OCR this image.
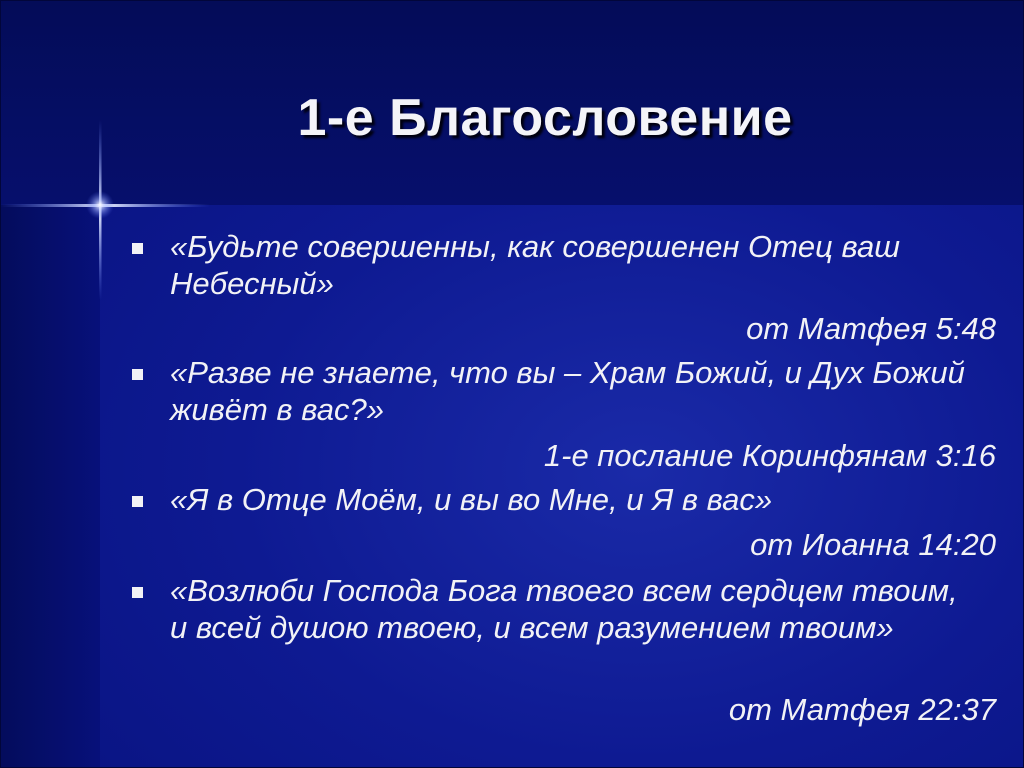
1-е Благословение

«Будьте совершенны, как совершенен Отец ваш Небесный»

от Матфея 5:48

«Разве не знаете, что вы – Храм Божий, и Дух Божий живёт в вас?»

1-е послание Коринфянам 3:16

«Я в Отце Моём, и вы во Мне, и Я в вас»

от Иоанна 14:20

«Возлюби Господа Бога твоего всем сердцем твоим, и всей душою твоею, и всем разумением твоим»

от Матфея 22:37
